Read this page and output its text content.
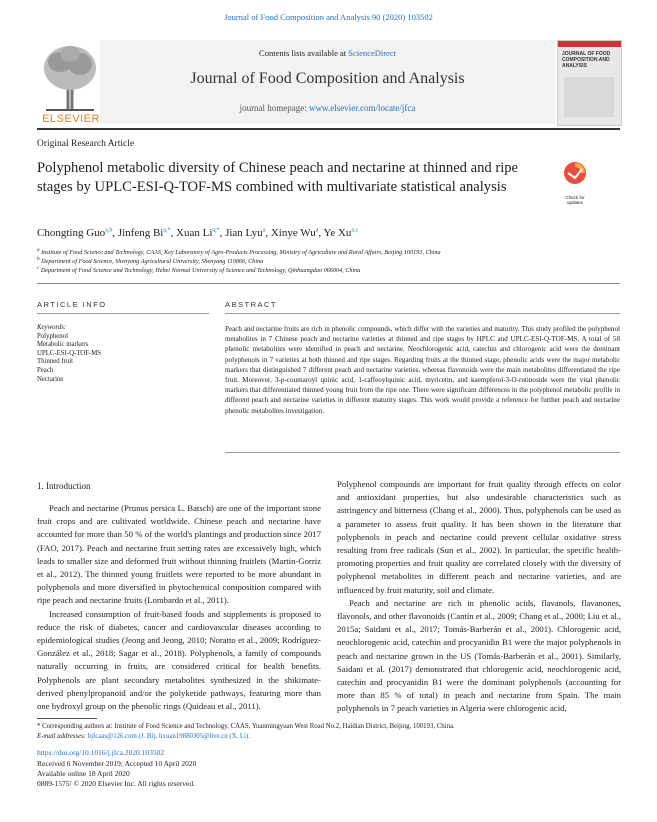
Journal of Food Composition and Analysis 90 (2020) 103502
ELSEVIER
Contents lists available at ScienceDirect
Journal of Food Composition and Analysis
journal homepage: www.elsevier.com/locate/jfca
JOURNAL OF FOOD COMPOSITION AND ANALYSIS
Original Research Article
Polyphenol metabolic diversity of Chinese peach and nectarine at thinned and ripe stages by UPLC-ESI-Q-TOF-MS combined with multivariate statistical analysis
Check for
updates
Chongting Guo$^{a,b}$, Jinfeng $Bi^{a,*}$, Xuan $Li^{a,*}$, Jian Lyu$^a$, Xinye Wu$^a$, Ye Xu$^{a,c}$
$^a$ Institute of Food Science and Technology, CAAS, Key Laboratory of Agro-Products Processing, Ministry of Agriculture and Rural Affairs, Beijing 100193, China
$^b$ Department of Food Science, Shenyang Agricultural University, Shenyang 110866, China
$^c$ Department of Food Science and Technology, Hebei Normal University of Science and Technology, Qinhuangdao 066004, China
ARTICLE INFO	ABSTRACT
Keywords:
Polyphenol
Metabolic markers
UPLC-ESI-Q-TOF-MS
Thinned fruit
Peach
Nectarine
Peach and nectarine fruits are rich in phenolic compounds, which differ with the varieties and maturity. This study profiled the polyphenol metabolites in 7 Chinese peach and nectarine varieties at thinned and ripe stages by HPLC and UPLC-ESI-Q-TOF-MS. A total of 58 phenolic metabolites were identified in peach and nectarine. Neochlorogenic acid, catechin and chlorogenic acid were the dominant polyphenols in 7 varieties at both thinned and ripe stages. Regarding fruits at the thinned stage, phenolic acids were the major metabolic markers that distinguished 7 different peach and nectarine varieties, whereas flavonoids were the main metabolites differentiated the ripe fruit. Moreover, 3-p-coumaroyl quinic acid, 1-caffeoylquinic acid, myricetin, and kaempferol-3-O-rutinoside were the vital phenolic markers that differentiated thinned young fruit from the ripe one. There were significant differences in the polyphenol metabolic profile in different peach and nectarine varieties in different maturity stages. This work would provide a reference for further peach and nectarine phenolic metabolites investigation.
1. Introduction

Peach and nectarine (Prunus persica L. Batsch) are one of the important stone fruit crops and are cultivated worldwide. Chinese peach and nectarine have accounted for more than 50 % of the world's plantings and production since 2017 (FAO, 2017). Peach and nectarine fruit setting rates are excessively high, which leads to smaller size and deformed fruit without thinning fruitlets (Martin-Gorriz et al., 2012). The thinned young fruitlets were reported to be more abundant in polyphenols and more diversified in phytochemical composition compared with ripe peach and nectarine fruits (Lombardo et al., 2011).

Increased consumption of fruit-based foods and supplements is proposed to reduce the risk of diabetes, cancer and cardiovascular diseases according to epidemiological studies (Jeong and Jeong, 2010; Noratto et al., 2009; Rodríguez-González et al., 2018; Sagar et al., 2018). Polyphenols, a family of compounds naturally occurring in fruits, are considered critical for health benefits. Polyphenols are plant secondary metabolites synthesized in the shikimate-derived phenylpropanoid and/or the polyketide pathways, featuring more than one hydroxyl group on the phenolic rings (Quideau et al., 2011).

Polyphenol compounds are important for fruit quality through effects on color and antioxidant properties, but also undesirable characteristics such as astringency and bitterness (Chang et al., 2000). Thus, polyphenols can be used as a parameter to assess fruit quality. It has been shown in the literature that polyphenols in peach and nectarine could prevent cellular oxidative stress resulting from free radicals (Sun et al., 2002). In particular, the specific health-promoting properties and fruit quality are correlated closely with the diversity of polyphenol metabolites in different peach and nectarine varieties, and are influenced by fruit maturity, soil and climate.

Peach and nectarine are rich in phenolic acids, flavanols, flavanones, flavonols, and other flavonoids (Cantín et al., 2009; Chang et al., 2000; Liu et al., 2015a; Saidani et al., 2017; Tomás-Barberán et al., 2001). Chlorogenic acid, neochlorogenic acid, catechin and procyanidin B1 were the major polyphenols in peach and nectarine grown in the US (Tomás-Barberán et al., 2001). Similarly, Saidani et al. (2017) demonstrated that chlorogenic acid, neochlorogenic acid, catechin and procyanidin B1 were the dominant polyphenols (accounting for more than 85 % of total) in peach and nectarine from Spain. The main polyphenols in 7 peach varieties in Algeria were chlorogenic acid,

* Corresponding authors at: Institute of Food Science and Technology, CAAS, Yuanmingyuan West Road No.2, Haidian District, Beijing, 100193, China.
E-mail addresses: bjfcaas@126.com (J. Bi), lixuan19880305@live.cn (X. Li).
https://doi.org/10.1016/j.jfca.2020.103502
Received 6 November 2019; Accepted 10 April 2020
Available online 18 April 2020
0889-1575/ © 2020 Elsevier Inc. All rights reserved.
